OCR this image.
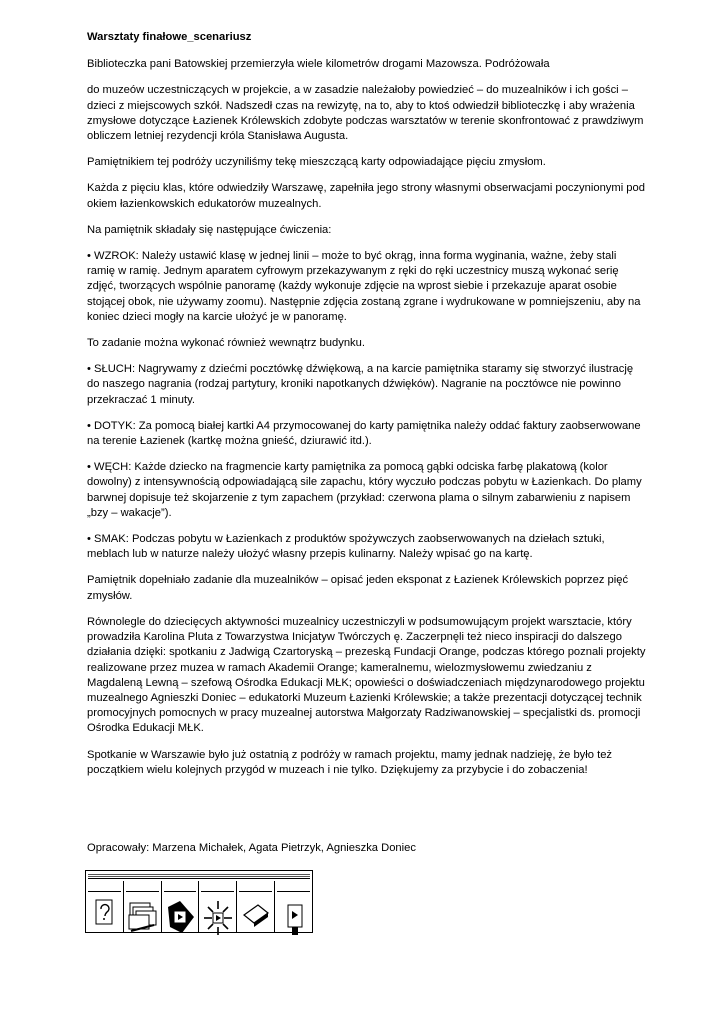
Warsztaty finałowe_scenariusz

Biblioteczka pani Batowskiej przemierzyła wiele kilometrów drogami Mazowsza. Podróżowała

do muzeów uczestniczących w projekcie, a w zasadzie należałoby powiedzieć – do muzealników i ich gości – dzieci z miejscowych szkół. Nadszedł czas na rewizytę, na to, aby to ktoś odwiedził biblioteczkę i aby wrażenia zmysłowe dotyczące Łazienek Królewskich zdobyte podczas warsztatów w terenie skonfrontować z prawdziwym obliczem letniej rezydencji króla Stanisława Augusta.

Pamiętnikiem tej podróży uczyniliśmy tekę mieszczącą karty odpowiadające pięciu zmysłom.

Każda z pięciu klas, które odwiedziły Warszawę, zapełniła jego strony własnymi obserwacjami poczynionymi pod okiem łazienkowskich edukatorów muzealnych.

Na pamiętnik składały się następujące ćwiczenia:

• WZROK: Należy ustawić klasę w jednej linii – może to być okrąg, inna forma wyginania, ważne, żeby stali ramię w ramię. Jednym aparatem cyfrowym przekazywanym z ręki do ręki uczestnicy muszą wykonać serię zdjęć, tworzących wspólnie panoramę (każdy wykonuje zdjęcie na wprost siebie i przekazuje aparat osobie stojącej obok, nie używamy zoomu). Następnie zdjęcia zostaną zgrane i wydrukowane w pomniejszeniu, aby na koniec dzieci mogły na karcie ułożyć je w panoramę.

To zadanie można wykonać również wewnątrz budynku.

• SŁUCH: Nagrywamy z dziećmi pocztówkę dźwiękową, a na karcie pamiętnika staramy się stworzyć ilustrację do naszego nagrania (rodzaj partytury, kroniki napotkanych dźwięków). Nagranie na pocztówce nie powinno przekraczać 1 minuty.

• DOTYK: Za pomocą białej kartki A4 przymocowanej do karty pamiętnika należy oddać faktury zaobserwowane na terenie Łazienek (kartkę można gnieść, dziurawić itd.).

• WĘCH: Każde dziecko na fragmencie karty pamiętnika za pomocą gąbki odciska farbę plakatową (kolor dowolny) z intensywnością odpowiadającą sile zapachu, który wyczuło podczas pobytu w Łazienkach. Do plamy barwnej dopisuje też skojarzenie z tym zapachem (przykład: czerwona plama o silnym zabarwieniu z napisem „bzy – wakacje”).

• SMAK: Podczas pobytu w Łazienkach z produktów spożywczych zaobserwowanych na dziełach sztuki, meblach lub w naturze należy ułożyć własny przepis kulinarny. Należy wpisać go na kartę.

Pamiętnik dopełniało zadanie dla muzealników – opisać jeden eksponat z Łazienek Królewskich poprzez pięć zmysłów.

Równolegle do dziecięcych aktywności muzealnicy uczestniczyli w podsumowującym projekt warsztacie, który prowadziła Karolina Pluta z Towarzystwa Inicjatyw Twórczych ę. Zaczerpnęli też nieco inspiracji do dalszego działania dzięki: spotkaniu z Jadwigą Czartoryską – prezeską Fundacji Orange, podczas którego poznali projekty realizowane przez muzea w ramach Akademii Orange; kameralnemu, wielozmysłowemu zwiedzaniu z Magdaleną Lewną – szefową Ośrodka Edukacji MŁK; opowieści o doświadczeniach międzynarodowego projektu muzealnego Agnieszki Doniec – edukatorki Muzeum Łazienki Królewskie; a także prezentacji dotyczącej technik promocyjnych pomocnych w pracy muzealnej autorstwa Małgorzaty Radziwanowskiej – specjalistki ds. promocji Ośrodka Edukacji MŁK.

Spotkanie w Warszawie było już ostatnią z podróży w ramach projektu, mamy jednak nadzieję, że było też początkiem wielu kolejnych przygód w muzeach i nie tylko. Dziękujemy za przybycie i do zobaczenia!

Opracowały: Marzena Michałek, Agata Pietrzyk, Agnieszka Doniec
